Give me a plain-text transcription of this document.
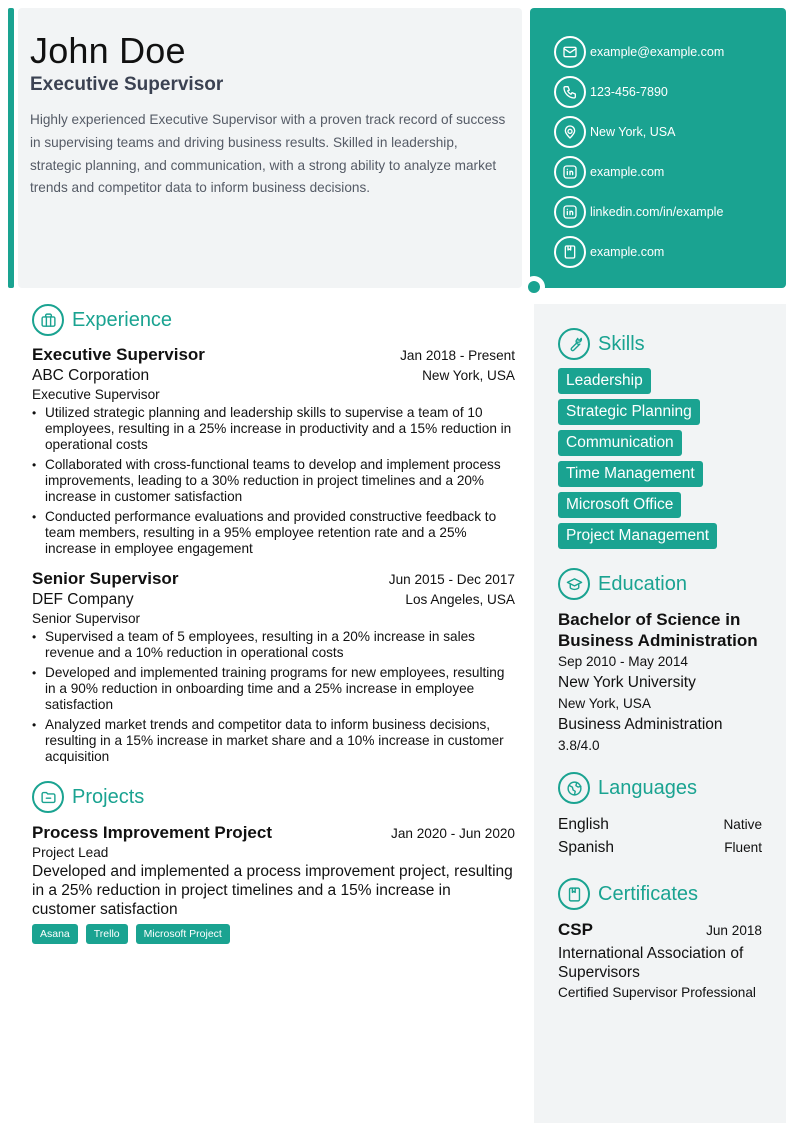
John Doe
Executive Supervisor
Highly experienced Executive Supervisor with a proven track record of success in supervising teams and driving business results. Skilled in leadership, strategic planning, and communication, with a strong ability to analyze market trends and competitor data to inform business decisions.
example@example.com
123-456-7890
New York, USA
example.com
linkedin.com/in/example
example.com
Experience
Executive Supervisor	Jan 2018 - Present
ABC Corporation	New York, USA
Executive Supervisor
• Utilized strategic planning and leadership skills to supervise a team of 10 employees, resulting in a 25% increase in productivity and a 15% reduction in operational costs
• Collaborated with cross-functional teams to develop and implement process improvements, leading to a 30% reduction in project timelines and a 20% increase in customer satisfaction
• Conducted performance evaluations and provided constructive feedback to team members, resulting in a 95% employee retention rate and a 25% increase in employee engagement
Senior Supervisor	Jun 2015 - Dec 2017
DEF Company	Los Angeles, USA
Senior Supervisor
• Supervised a team of 5 employees, resulting in a 20% increase in sales revenue and a 10% reduction in operational costs
• Developed and implemented training programs for new employees, resulting in a 90% reduction in onboarding time and a 25% increase in employee satisfaction
• Analyzed market trends and competitor data to inform business decisions, resulting in a 15% increase in market share and a 10% increase in customer acquisition
Projects
Process Improvement Project	Jan 2020 - Jun 2020
Project Lead
Developed and implemented a process improvement project, resulting in a 25% reduction in project timelines and a 15% increase in customer satisfaction
Asana	Trello	Microsoft Project
Skills
Leadership
Strategic Planning
Communication
Time Management
Microsoft Office
Project Management
Education
Bachelor of Science in Business Administration
Sep 2010 - May 2014
New York University
New York, USA
Business Administration
3.8/4.0
Languages
English	Native
Spanish	Fluent
Certificates
CSP	Jun 2018
International Association of Supervisors
Certified Supervisor Professional
